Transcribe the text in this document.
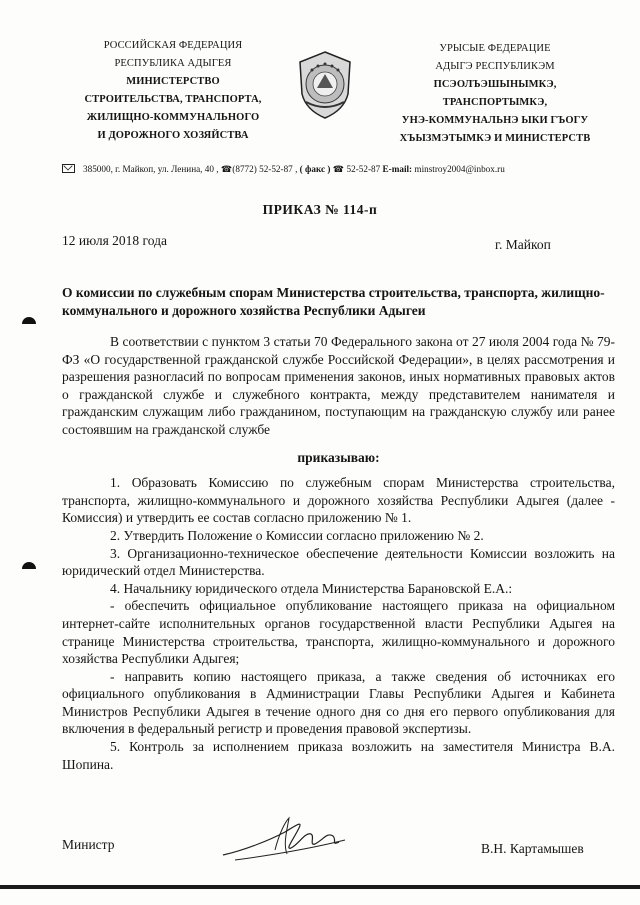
РОССИЙСКАЯ ФЕДЕРАЦИЯ
РЕСПУБЛИКА АДЫГЕЯ
МИНИСТЕРСТВО
СТРОИТЕЛЬСТВА, ТРАНСПОРТА,
ЖИЛИЩНО-КОММУНАЛЬНОГО
И ДОРОЖНОГО ХОЗЯЙСТВА
УРЫСЫЕ ФЕДЕРАЦИЕ
АДЫГЭ РЕСПУБЛИКЭМ
ПСЭОЛЪЭШЫНЫМКЭ,
ТРАНСПОРТЫМКЭ,
УНЭ-КОММУНАЛЬНЭ ЫКИ ГЪОГУ
ХЪЫЗМЭТЫМКЭ И МИНИСТЕРСТВ
385000, г. Майкоп, ул. Ленина, 40 , ☎(8772) 52-52-87 , ( факс ) ☎ 52-52-87 E-mail: minstroy2004@inbox.ru
ПРИКАЗ № 114-п
12 июля 2018 года	г. Майкоп
О комиссии по служебным спорам Министерства строительства, транспорта, жилищно-коммунального и дорожного хозяйства Республики Адыгеи

В соответствии с пунктом 3 статьи 70 Федерального закона от 27 июля 2004 года № 79-ФЗ «О государственной гражданской службе Российской Федерации», в целях рассмотрения и разрешения разногласий по вопросам применения законов, иных нормативных правовых актов о гражданской службе и служебного контракта, между представителем нанимателя и гражданским служащим либо гражданином, поступающим на гражданскую службу или ранее состоявшим на гражданской службе

приказываю:

1. Образовать Комиссию по служебным спорам Министерства строительства, транспорта, жилищно-коммунального и дорожного хозяйства Республики Адыгея (далее - Комиссия) и утвердить ее состав согласно приложению № 1.

2. Утвердить Положение о Комиссии согласно приложению № 2.

3. Организационно-техническое обеспечение деятельности Комиссии возложить на юридический отдел Министерства.

4. Начальнику юридического отдела Министерства Барановской Е.А.:

- обеспечить официальное опубликование настоящего приказа на официальном интернет-сайте исполнительных органов государственной власти Республики Адыгея на странице Министерства строительства, транспорта, жилищно-коммунального и дорожного хозяйства Республики Адыгея;

- направить копию настоящего приказа, а также сведения об источниках его официального опубликования в Администрации Главы Республики Адыгея и Кабинета Министров Республики Адыгея в течение одного дня со дня его первого опубликования для включения в федеральный регистр и проведения правовой экспертизы.

5. Контроль за исполнением приказа возложить на заместителя Министра В.А. Шопина.

Министр	В.Н. Картамышев
